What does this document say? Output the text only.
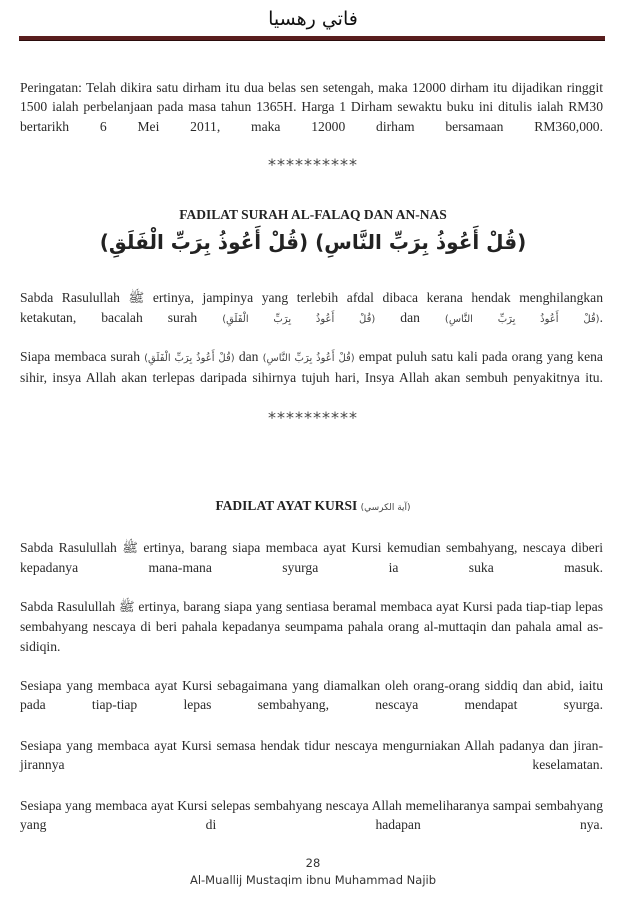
فاتي رهسيا

Peringatan: Telah dikira satu dirham itu dua belas sen setengah, maka 12000 dirham itu dijadikan ringgit 1500 ialah perbelanjaan pada masa tahun 1365H. Harga 1 Dirham sewaktu buku ini ditulis ialah RM30 bertarikh 6 Mei 2011, maka 12000 dirham bersamaan RM360,000.

**********
FADILAT SURAH AL-FALAQ DAN AN-NAS
(قُلْ أَعُوذُ بِرَبِّ النَّاسِ) (قُلْ أَعُوذُ بِرَبِّ الْفَلَقِ)

Sabda Rasulullah ﷺ ertinya, jampinya yang terlebih afdal dibaca kerana hendak menghilangkan ketakutan, bacalah surah	(قُلْ أَعُوذُ بِرَبِّ الْفَلَقِ) dan	(قُلْ أَعُوذُ بِرَبِّ النَّاسِ).

Siapa membaca surah (قُلْ أَعُوذُ بِرَبِّ الْفَلَقِ) dan (قُلْ أَعُوذُ بِرَبِّ النَّاسِ) empat puluh satu kali pada orang yang kena sihir, insya Allah akan terlepas daripada sihirnya tujuh hari, Insya Allah akan sembuh penyakitnya itu.

**********
FADILAT AYAT KURSI (آية الكرسي)

Sabda Rasulullah ﷺ ertinya, barang siapa membaca ayat Kursi kemudian sembahyang, nescaya diberi kepadanya mana-mana syurga ia suka masuk.

Sabda Rasulullah ﷺ ertinya, barang siapa yang sentiasa beramal membaca ayat Kursi pada tiap-tiap lepas sembahyang nescaya di beri pahala kepadanya seumpama pahala orang al-muttaqin dan pahala amal as-sidiqin.

Sesiapa yang membaca ayat Kursi sebagaimana yang diamalkan oleh orang-orang siddiq dan abid, iaitu pada tiap-tiap lepas sembahyang, nescaya mendapat syurga.

Sesiapa yang membaca ayat Kursi semasa hendak tidur nescaya mengurniakan Allah padanya dan jiran-jirannya keselamatan.

Sesiapa yang membaca ayat Kursi selepas sembahyang nescaya Allah memeliharanya sampai sembahyang yang di hadapan nya.

28
Al-Muallij Mustaqim ibnu Muhammad Najib
